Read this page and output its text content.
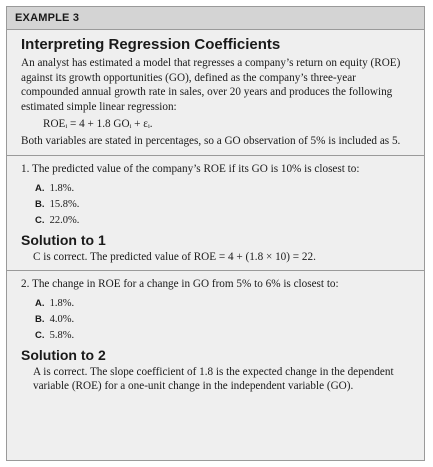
EXAMPLE 3
Interpreting Regression Coefficients

An analyst has estimated a model that regresses a company’s return on equity (ROE) against its growth opportunities (GO), defined as the company’s three-year compounded annual growth rate in sales, over 20 years and produces the following estimated simple linear regression:

ROEᵢ = 4 + 1.8 GOᵢ + εᵢ.

Both variables are stated in percentages, so a GO observation of 5% is included as 5.

1. The predicted value of the company’s ROE if its GO is 10% is closest to:
A. 1.8%.
B. 15.8%.
C. 22.0%.
Solution to 1
C is correct. The predicted value of ROE = 4 + (1.8 × 10) = 22.
2. The change in ROE for a change in GO from 5% to 6% is closest to:
A. 1.8%.
B. 4.0%.
C. 5.8%.
Solution to 2
A is correct. The slope coefficient of 1.8 is the expected change in the dependent variable (ROE) for a one-unit change in the independent variable (GO).
